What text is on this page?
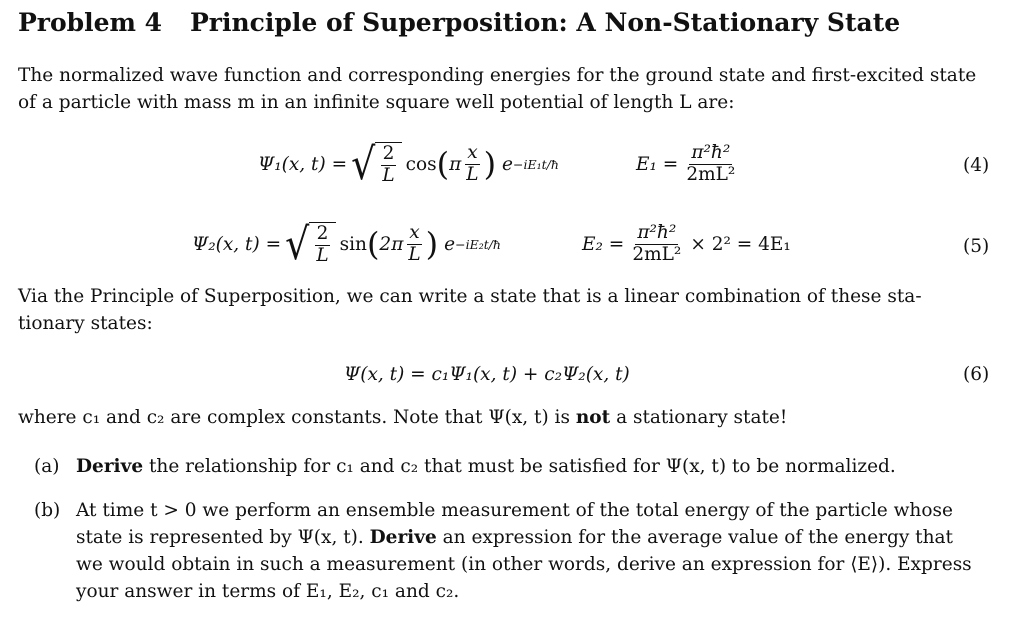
Problem 4 Principle of Superposition: A Non-Stationary State
The normalized wave function and corresponding energies for the ground state and first-excited state
of a particle with mass m in an infinite square well potential of length L are:
Ψ₁(x, t) = √ $\frac{2}{L}$ cos ( π $\frac{x}{L}$ ) e −iE₁t/ħ	$E_1 = \frac{\text{π²ħ²}}{\text{2mL²}}$	(4)
Ψ₂(x, t) = √ $\frac{2}{L}$ sin ( $2\pi \frac{x}{L}$ ) e −iE₂t/ħ	$E_2 = \frac{\text{π²ħ²}}{\text{2mL²}} \times 2^2 = 4E_1$	(5)
Via the Principle of Superposition, we can write a state that is a linear combination of these sta-
tionary states:
Ψ(x, t) = c₁Ψ₁(x, t) + c₂Ψ₂(x, t)	(6)
where c₁ and c₂ are complex constants. Note that Ψ(x, t) is not a stationary state!
(a) Derive the relationship for c₁ and c₂ that must be satisfied for Ψ(x, t) to be normalized.
(b) At time t > 0 we perform an ensemble measurement of the total energy of the particle whose
state is represented by Ψ(x, t). Derive an expression for the average value of the energy that
we would obtain in such a measurement (in other words, derive an expression for ⟨E⟩). Express
your answer in terms of E₁, E₂, c₁ and c₂.
